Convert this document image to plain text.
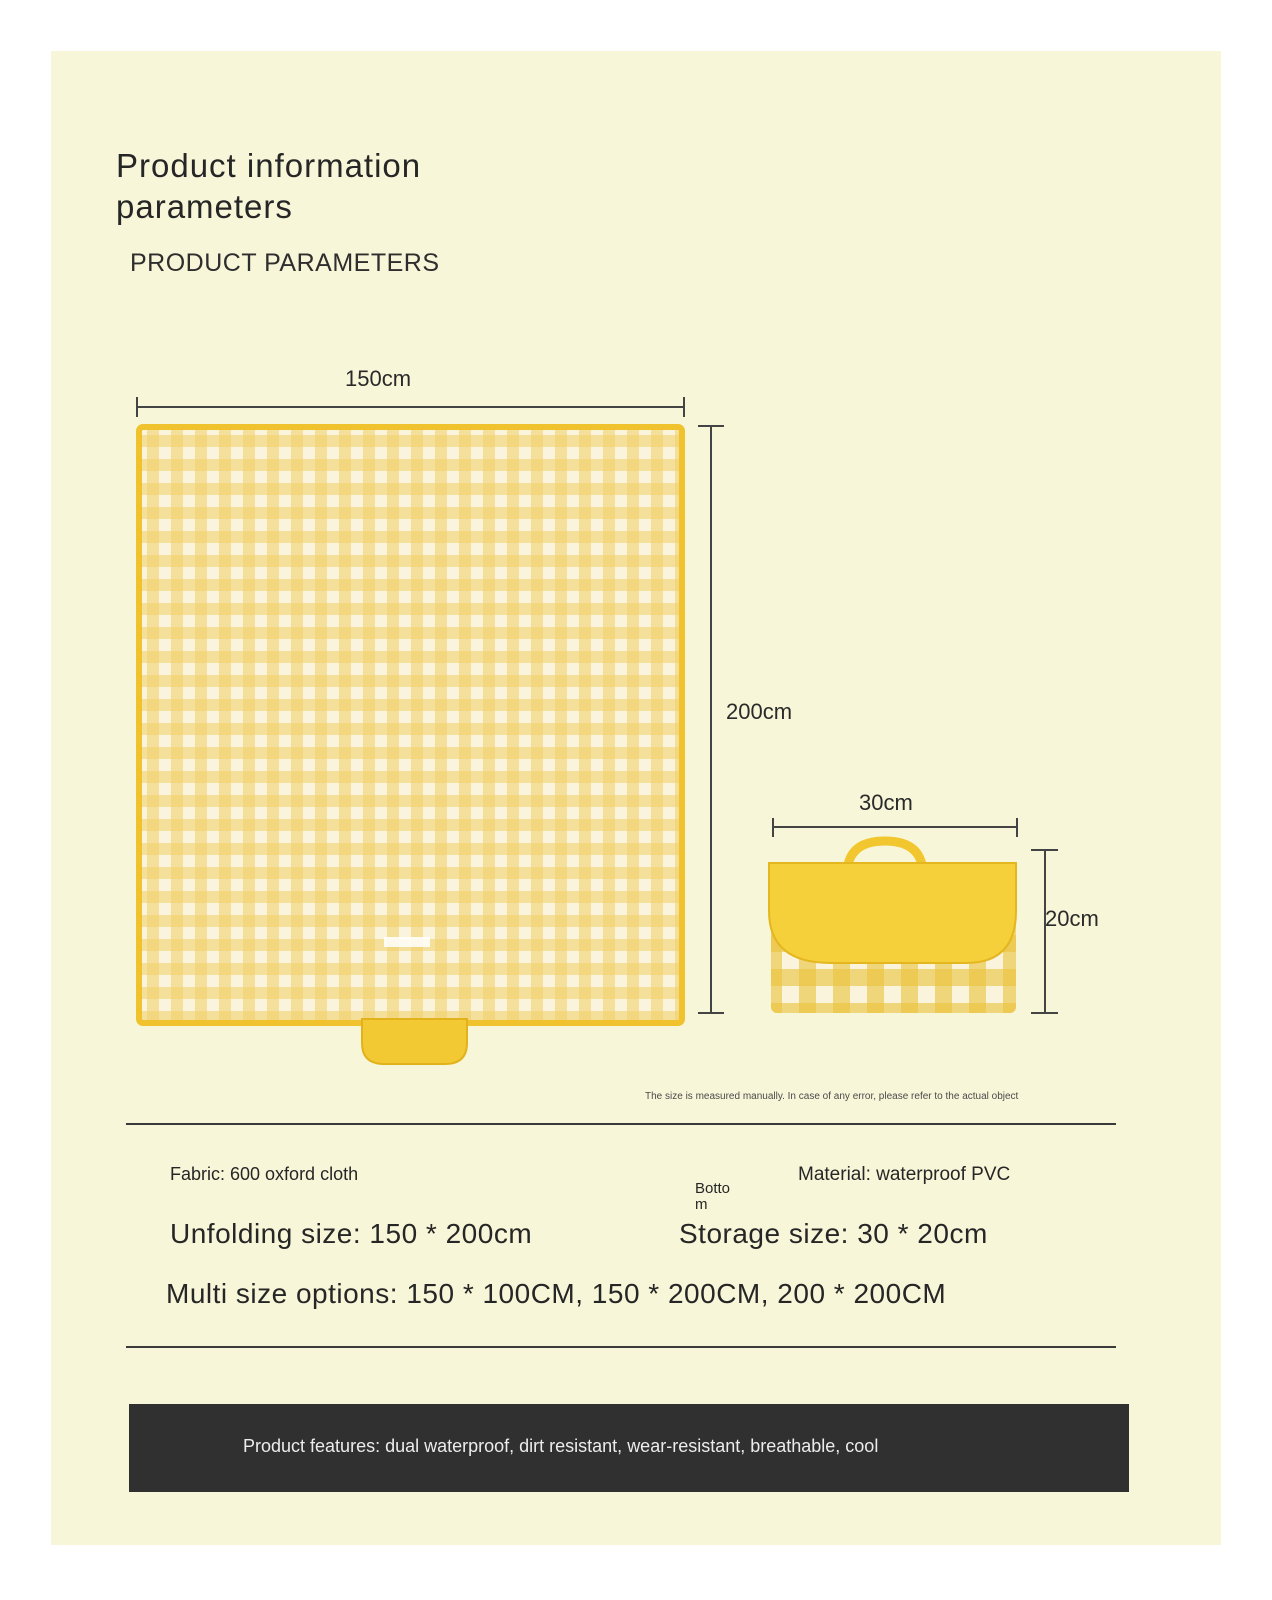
Product information
parameters
PRODUCT PARAMETERS
150cm
200cm
30cm
20cm
The size is measured manually. In case of any error, please refer to the actual object
Fabric: 600 oxford cloth
Botto m
Material: waterproof PVC
Unfolding size: 150 * 200cm	Storage size: 30 * 20cm
Multi size options: 150 * 100CM, 150 * 200CM, 200 * 200CM
Product features: dual waterproof, dirt resistant, wear-resistant, breathable, cool
